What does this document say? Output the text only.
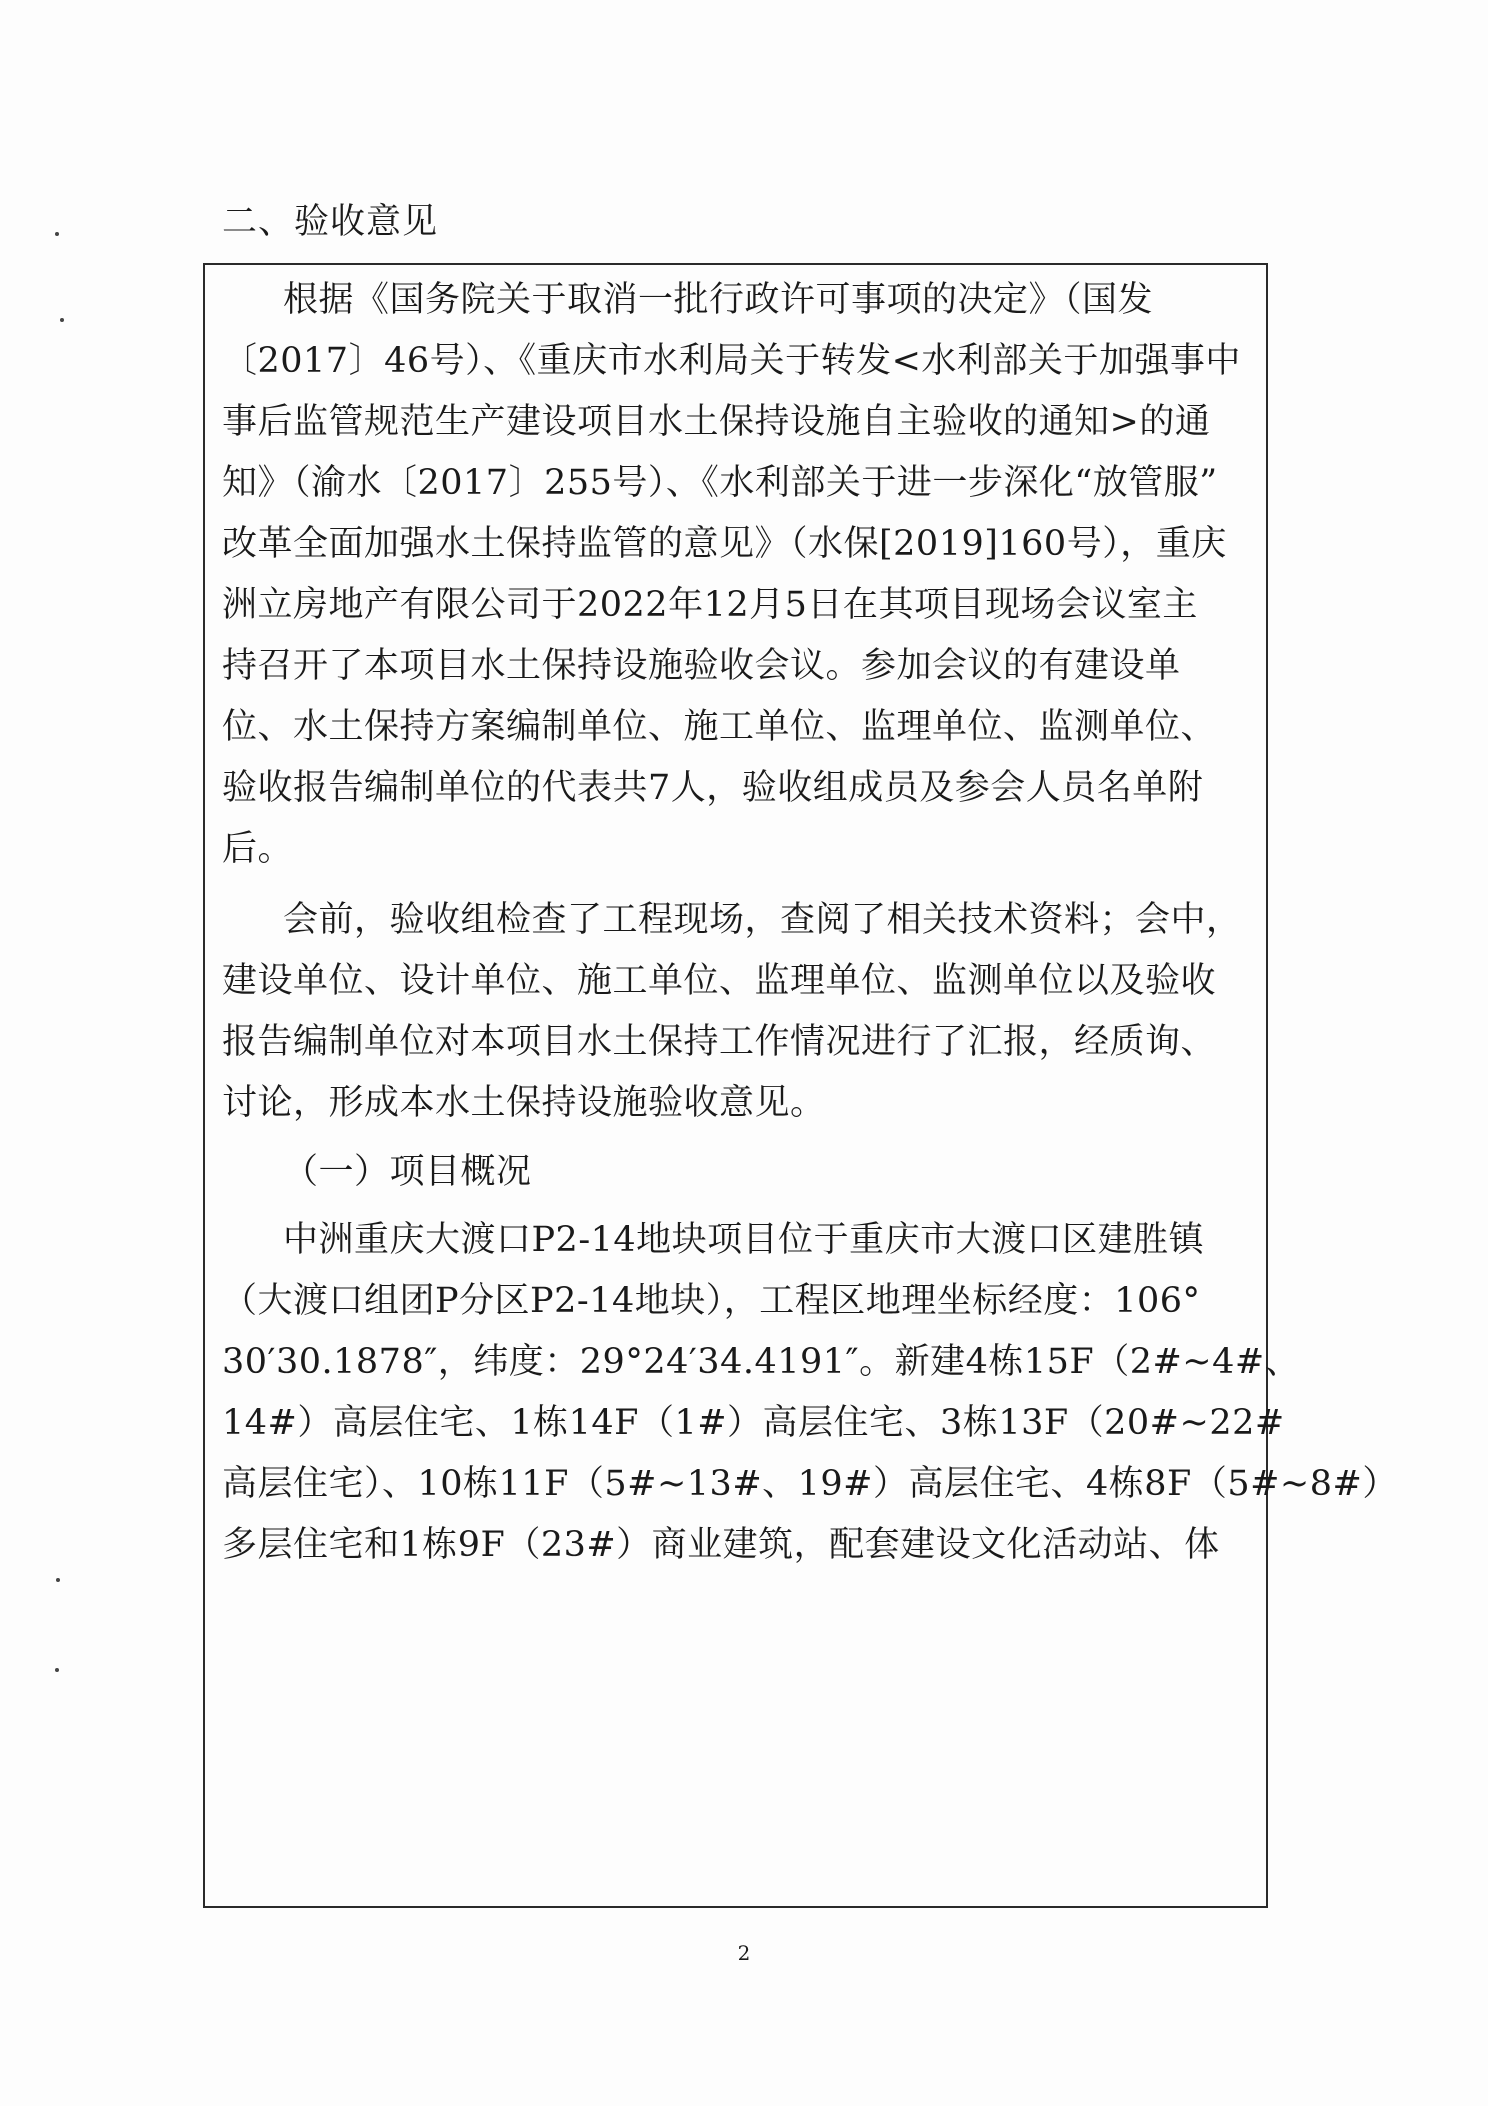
二、验收意见
根据《国务院关于取消一批行政许可事项的决定》（国发
〔2017〕46号）、《重庆市水利局关于转发<水利部关于加强事中
事后监管规范生产建设项目水土保持设施自主验收的通知>的通
知》（渝水〔2017〕255号）、《水利部关于进一步深化“放管服”
改革全面加强水土保持监管的意见》（水保[2019]160号），重庆
洲立房地产有限公司于2022年12月5日在其项目现场会议室主
持召开了本项目水土保持设施验收会议。参加会议的有建设单
位、水土保持方案编制单位、施工单位、监理单位、监测单位、
验收报告编制单位的代表共7人，验收组成员及参会人员名单附
后。
会前，验收组检查了工程现场，查阅了相关技术资料；会中，
建设单位、设计单位、施工单位、监理单位、监测单位以及验收
报告编制单位对本项目水土保持工作情况进行了汇报，经质询、
讨论，形成本水土保持设施验收意见。
（一）项目概况
中洲重庆大渡口P2-14地块项目位于重庆市大渡口区建胜镇
（大渡口组团P分区P2-14地块），工程区地理坐标经度：106°
30′30.1878″，纬度：29°24′34.4191″。新建4栋15F（2#~4#、
14#）高层住宅、1栋14F（1#）高层住宅、3栋13F（20#~22#
高层住宅）、10栋11F（5#~13#、19#）高层住宅、4栋8F（5#~8#）
多层住宅和1栋9F（23#）商业建筑，配套建设文化活动站、体
2
